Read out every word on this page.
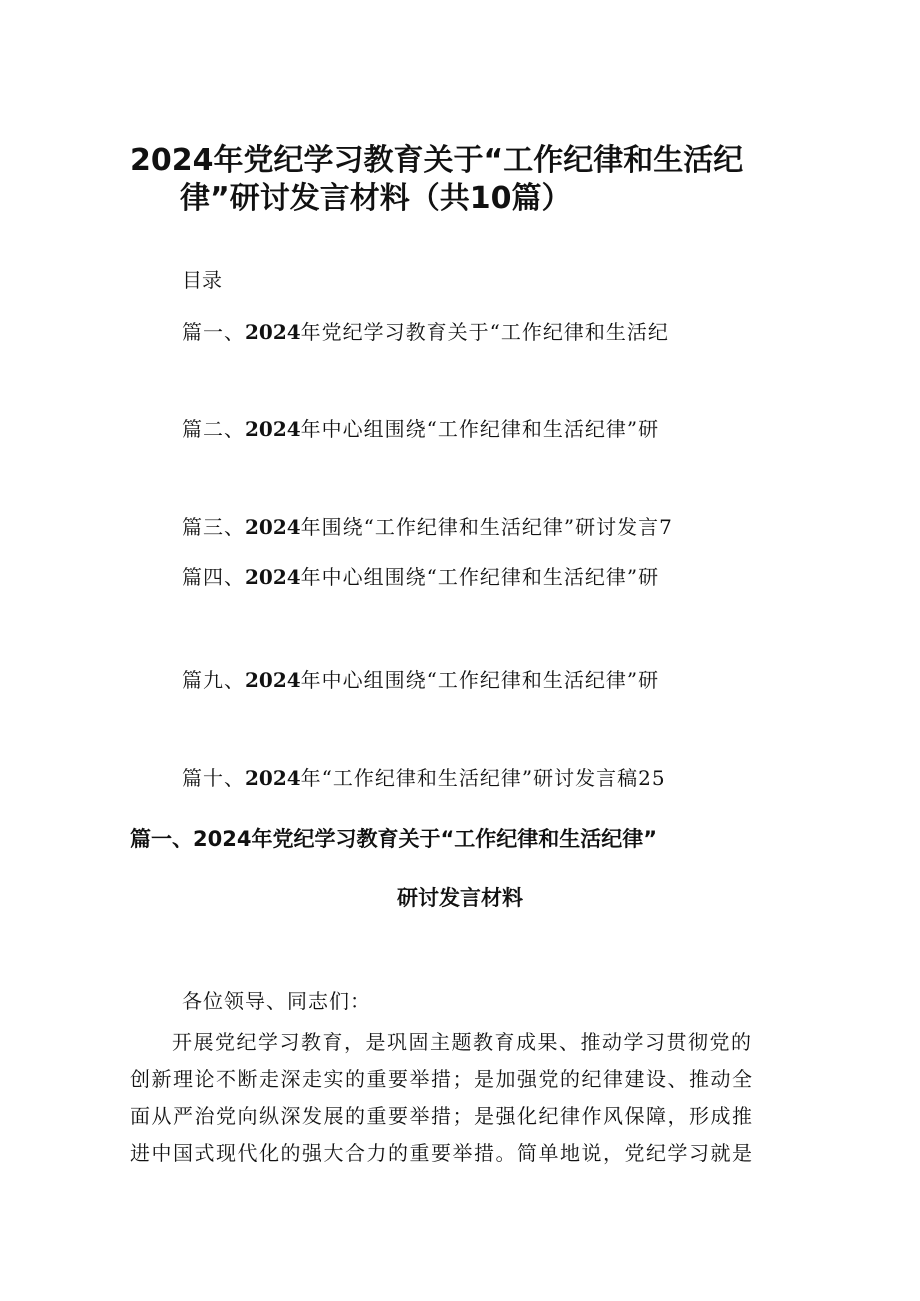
2024年党纪学习教育关于“工作纪律和生活纪
律”研讨发言材料（共10篇）
目录
篇一、2024年党纪学习教育关于“工作纪律和生活纪
篇二、2024年中心组围绕“工作纪律和生活纪律”研
篇三、2024年围绕“工作纪律和生活纪律”研讨发言7
篇四、2024年中心组围绕“工作纪律和生活纪律”研
篇九、2024年中心组围绕“工作纪律和生活纪律”研
篇十、2024年“工作纪律和生活纪律”研讨发言稿25
篇一、2024年党纪学习教育关于“工作纪律和生活纪律”
研讨发言材料
各位领导、同志们：
开展党纪学习教育，是巩固主题教育成果、推动学习贯彻党的
创新理论不断走深走实的重要举措；是加强党的纪律建设、推动全
面从严治党向纵深发展的重要举措；是强化纪律作风保障，形成推
进中国式现代化的强大合力的重要举措。简单地说，党纪学习就是
